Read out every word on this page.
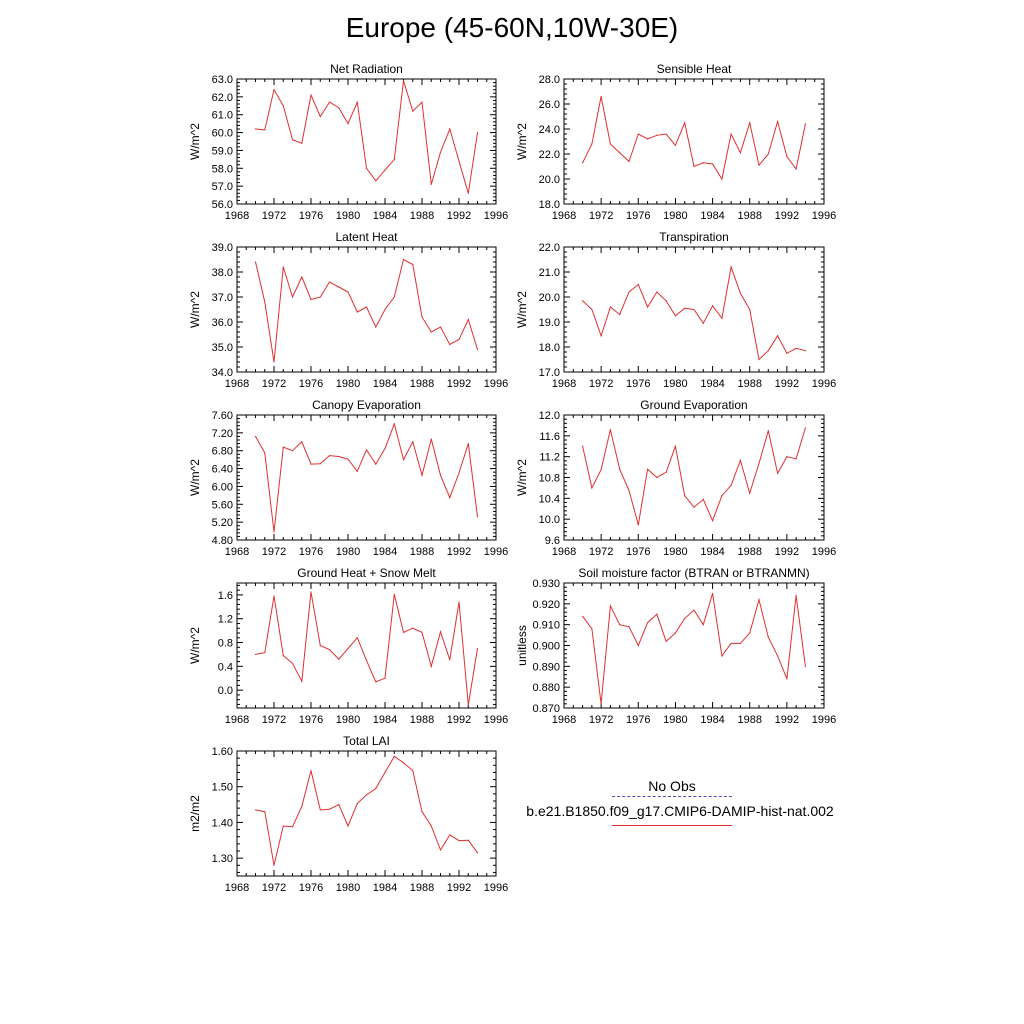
Europe (45-60N,10W-30E)
Net Radiation
W/m^2
1968 1972 1976 1980 1984 1988 1992 1996
56.0
57.0
58.0
59.0
60.0
61.0
62.0
63.0
Sensible Heat
W/m^2
1968 1972 1976 1980 1984 1988 1992 1996
18.0
20.0
22.0
24.0
26.0
28.0
Latent Heat
W/m^2
1968 1972 1976 1980 1984 1988 1992 1996
34.0
35.0
36.0
37.0
38.0
39.0
Transpiration
W/m^2
1968 1972 1976 1980 1984 1988 1992 1996
17.0
18.0
19.0
20.0
21.0
22.0
Canopy Evaporation
W/m^2
1968 1972 1976 1980 1984 1988 1992 1996
4.80
5.20
5.60
6.00
6.40
6.80
7.20
7.60
Ground Evaporation
W/m^2
1968 1972 1976 1980 1984 1988 1992 1996
9.6
10.0
10.4
10.8
11.2
11.6
12.0
Ground Heat + Snow Melt
W/m^2
1968 1972 1976 1980 1984 1988 1992 1996
0.0
0.4
0.8
1.2
1.6
Soil moisture factor (BTRAN or BTRANMN)
unitless
1968 1972 1976 1980 1984 1988 1992 1996
0.870
0.880
0.890
0.900
0.910
0.920
0.930
Total LAI
m2/m2
1968 1972 1976 1980 1984 1988 1992 1996
1.30
1.40
1.50
1.60
No Obs
b.e21.B1850.f09_g17.CMIP6-DAMIP-hist-nat.002
